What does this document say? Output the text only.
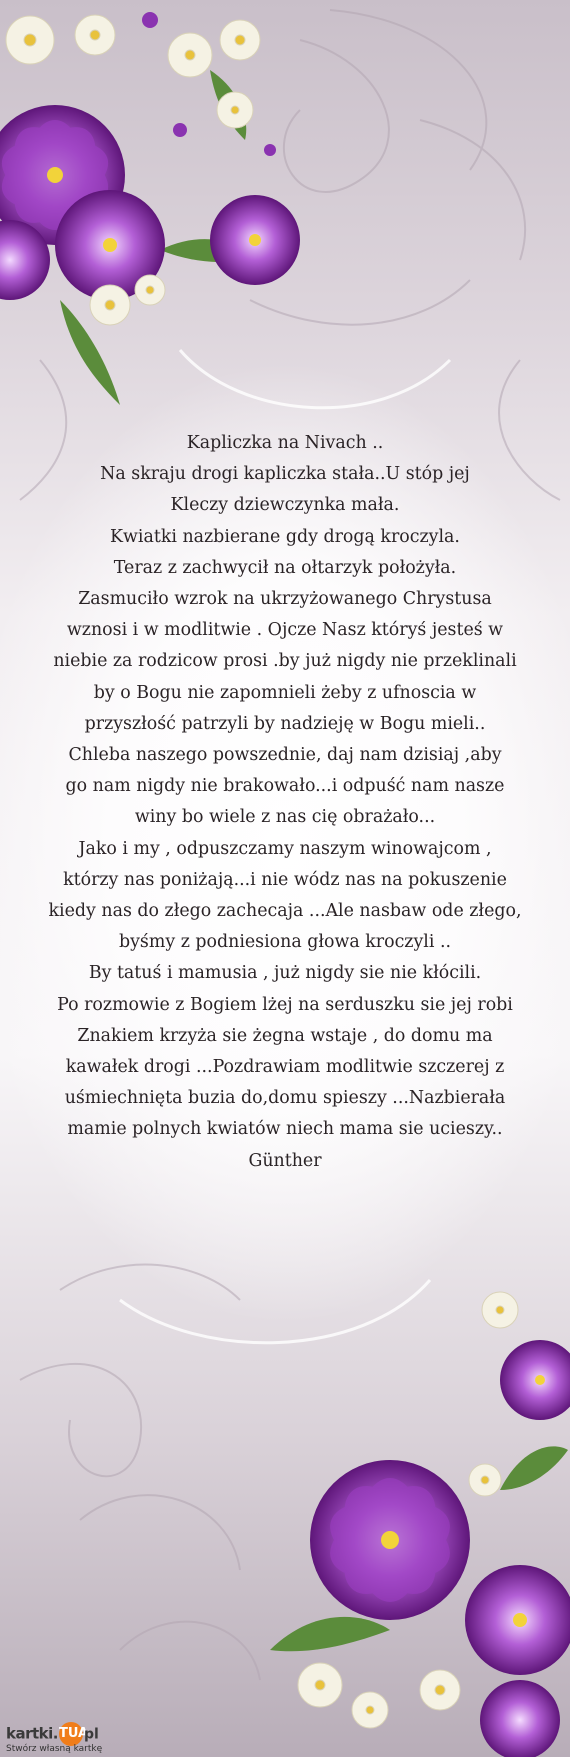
Kapliczka na Nivach ..
Na skraju drogi kapliczka stała..U stóp jej
Kleczy dziewczynka mała.
Kwiatki nazbierane gdy drogą kroczyla.
Teraz z zachwycił na ołtarzyk położyła.
Zasmuciło wzrok na ukrzyżowanego Chrystusa
wznosi i w modlitwie . Ojcze Nasz któryś jesteś w
niebie za rodzicow prosi .by już nigdy nie przeklinali
by o Bogu nie zapomnieli żeby z ufnoscia w
przyszłość patrzyli by nadzieję w Bogu mieli..
Chleba naszego powszednie, daj nam dzisiaj ,aby
go nam nigdy nie brakowało...i odpuść nam nasze
winy bo wiele z nas cię obrażało...
Jako i my , odpuszczamy naszym winowajcom ,
którzy nas poniżają...i nie wódz nas na pokuszenie
kiedy nas do złego zachecaja ...Ale nasbaw ode złego,
byśmy z podniesiona głowa kroczyli ..
By tatuś i mamusia , już nigdy sie nie kłócili.
Po rozmowie z Bogiem lżej na serduszku sie jej robi
Znakiem krzyża sie żegna wstaje , do domu ma
kawałek drogi ...Pozdrawiam modlitwie szczerej z
uśmiechnięta buzia do,domu spieszy ...Nazbierała
mamie polnych kwiatów niech mama sie ucieszy..
Günther
kartki.TUApl
Stwórz własną kartkę
